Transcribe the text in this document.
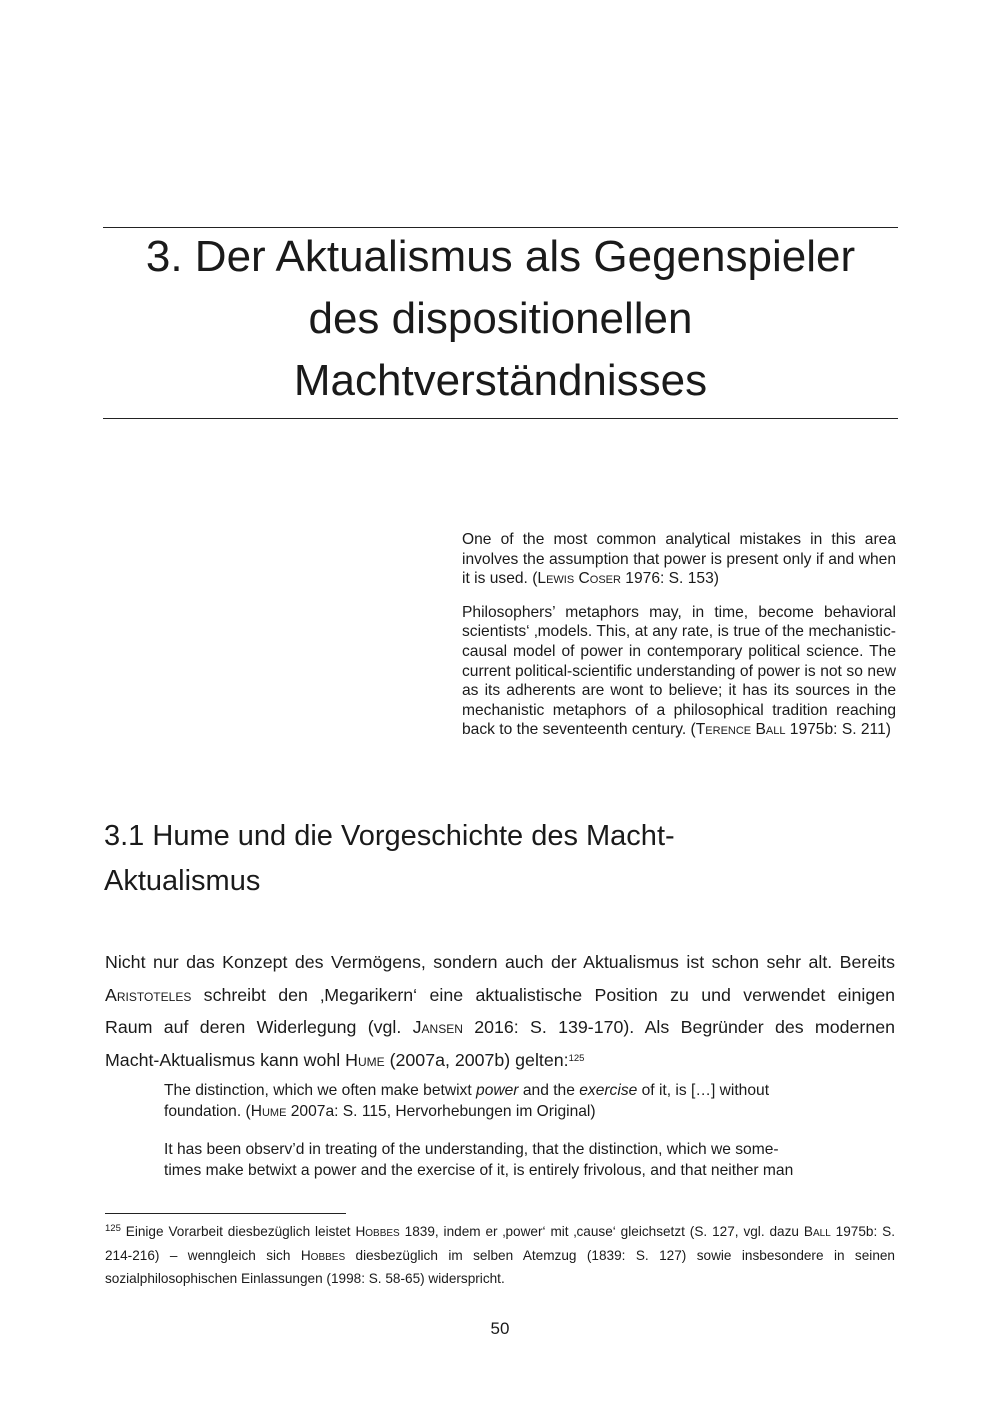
3. Der Aktualismus als Gegenspieler
des dispositionellen
Machtverständnisses

One of the most common analytical mistakes in this area involves the assumption that power is present only if and when it is used. (Lewis Coser 1976: S. 153)

Philosophers’ metaphors may, in time, become behavioral scientists‘ ‚models. This, at any rate, is true of the mechanistic-causal model of power in contemporary political science. The current political-scientific understanding of power is not so new as its adherents are wont to believe; it has its sources in the mechanistic metaphors of a philosophical tradition reaching back to the seventeenth century. (Terence Ball 1975b: S. 211)

3.1 Hume und die Vorgeschichte des Macht-
Aktualismus

Nicht nur das Konzept des Vermögens, sondern auch der Aktualismus ist schon sehr alt. Bereits
Aristoteles schreibt den ‚Megarikern‘ eine aktualistische Position zu und verwendet einigen
Raum auf deren Widerlegung (vgl. Jansen 2016: S. 139-170). Als Begründer des modernen
Macht-Aktualismus kann wohl Hume (2007a, 2007b) gelten:$^{125}$

The distinction, which we often make betwixt power and the exercise of it, is […] without foundation. (Hume 2007a: S. 115, Hervorhebungen im Original)

It has been observ’d in treating of the understanding, that the distinction, which we some-
times make betwixt a power and the exercise of it, is entirely frivolous, and that neither man

$^{125}$ Einige Vorarbeit diesbezüglich leistet Hobbes 1839, indem er ‚power‘ mit ‚cause‘ gleichsetzt (S. 127, vgl. dazu Ball 1975b: S. 214-216) – wenngleich sich Hobbes diesbezüglich im selben Atemzug (1839: S. 127) sowie insbesondere in seinen sozialphilosophischen Einlassungen (1998: S. 58-65) widerspricht.

50
